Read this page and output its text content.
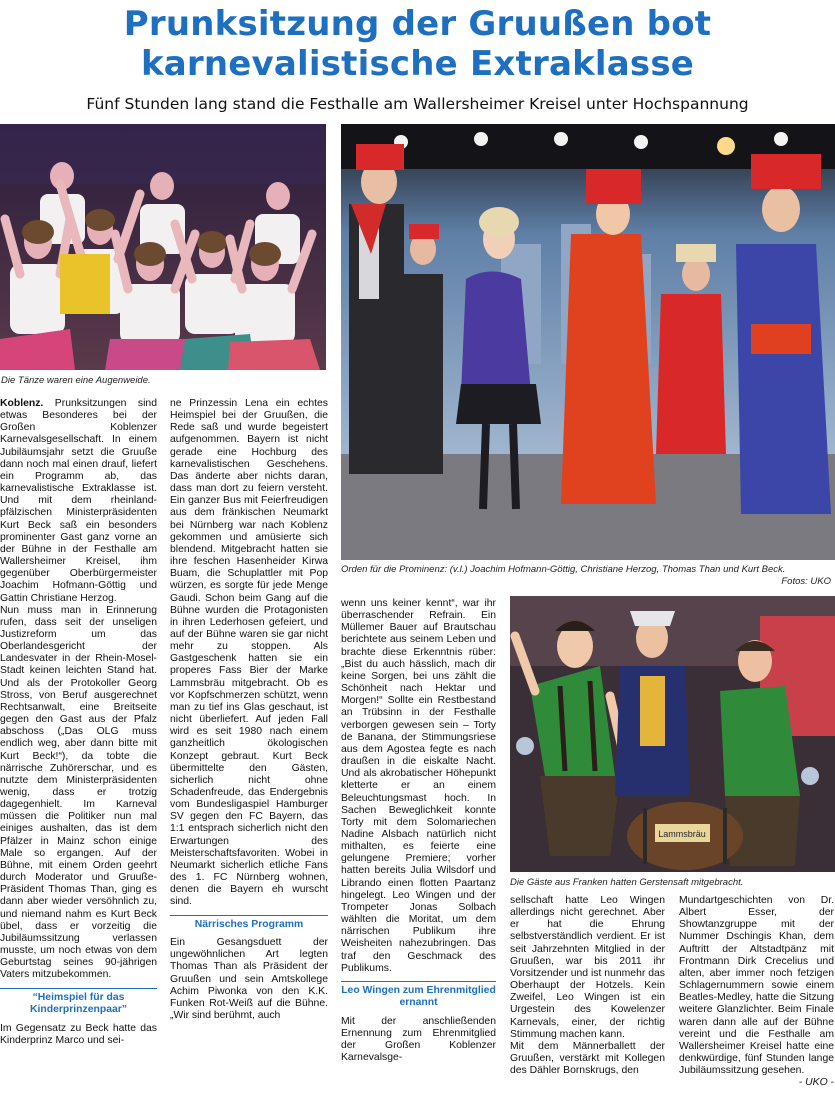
Prunksitzung der Gruußen bot
karnevalistische Extraklasse
Fünf Stunden lang stand die Festhalle am Wallersheimer Kreisel unter Hochspannung
Die Tänze waren eine Augenweide.
Orden für die Prominenz: (v.l.) Joachim Hofmann-Göttig, Christiane Herzog, Thomas Than und Kurt Beck.
Fotos: UKO
Lammsbräu
Die Gäste aus Franken hatten Gerstensaft mitgebracht.

Koblenz. Prunksitzungen sind etwas Besonderes bei der Großen Koblenzer Karnevalsgesellschaft. In einem Jubiläumsjahr setzt die Gruuße dann noch mal einen drauf, liefert ein Programm ab, das karnevalistische Extraklasse ist. Und mit dem rheinland-pfälzischen Ministerpräsidenten Kurt Beck saß ein besonders prominenter Gast ganz vorne an der Bühne in der Festhalle am Wallersheimer Kreisel, ihm gegenüber Oberbürgermeister Joachim Hofmann-Göttig und Gattin Christiane Herzog.

Nun muss man in Erinnerung rufen, dass seit der unseligen Justizreform um das Oberlandesgericht der Landesvater in der Rhein-Mosel-Stadt keinen leichten Stand hat. Und als der Protokoller Georg Stross, von Beruf ausgerechnet Rechtsanwalt, eine Breitseite gegen den Gast aus der Pfalz abschoss („Das OLG muss endlich weg, aber dann bitte mit Kurt Beck!“), da tobte die närrische Zuhörerschar, und es nutzte dem Ministerpräsidenten wenig, dass er trotzig dagegenhielt. Im Karneval müssen die Politiker nun mal einiges aushalten, das ist dem Pfälzer in Mainz schon einige Male so ergangen. Auf der Bühne, mit einem Orden geehrt durch Moderator und Gruuße-Präsident Thomas Than, ging es dann aber wieder versöhnlich zu, und niemand nahm es Kurt Beck übel, dass er vorzeitig die Jubiläumssitzung verlassen musste, um noch etwas von dem Geburtstag seines 90-jährigen Vaters mitzubekommen.

“Heimspiel für das Kinderprinzenpaar”

Im Gegensatz zu Beck hatte das Kinderprinz Marco und sei-

ne Prinzessin Lena ein echtes Heimspiel bei der Gruußen, die Rede saß und wurde begeistert aufgenommen. Bayern ist nicht gerade eine Hochburg des karnevalistischen Geschehens. Das änderte aber nichts daran, dass man dort zu feiern versteht. Ein ganzer Bus mit Feierfreudigen aus dem fränkischen Neumarkt bei Nürnberg war nach Koblenz gekommen und amüsierte sich blendend. Mitgebracht hatten sie ihre feschen Hasenheider Kirwa Buam, die Schuplattler mit Pop würzen, es sorgte für jede Menge Gaudi. Schon beim Gang auf die Bühne wurden die Protagonisten in ihren Lederhosen gefeiert, und auf der Bühne waren sie gar nicht mehr zu stoppen. Als Gastgeschenk hatten sie ein properes Fass Bier der Marke Lammsbräu mitgebracht. Ob es vor Kopfschmerzen schützt, wenn man zu tief ins Glas geschaut, ist nicht überliefert. Auf jeden Fall wird es seit 1980 nach einem ganzheitlich ökologischen Konzept gebraut. Kurt Beck übermittelte den Gästen, sicherlich nicht ohne Schadenfreude, das Endergebnis vom Bundesligaspiel Hamburger SV gegen den FC Bayern, das 1:1 entsprach sicherlich nicht den Erwartungen des Meisterschaftsfavoriten. Wobei in Neumarkt sicherlich etliche Fans des 1. FC Nürnberg wohnen, denen die Bayern eh wurscht sind.

Närrisches Programm

Ein Gesangsduett der ungewöhnlichen Art legten Thomas Than als Präsident der Gruußen und sein Amtskollege Achim Piwonka von den K.K. Funken Rot-Weiß auf die Bühne. „Wir sind berühmt, auch

wenn uns keiner kennt“, war ihr überraschender Refrain. Ein Müllemer Bauer auf Brautschau berichtete aus seinem Leben und brachte diese Erkenntnis rüber: „Bist du auch hässlich, mach dir keine Sorgen, bei uns zählt die Schönheit nach Hektar und Morgen!“ Sollte ein Restbestand an Trübsinn in der Festhalle verborgen gewesen sein – Torty de Banana, der Stimmungsriese aus dem Agostea fegte es nach draußen in die eiskalte Nacht. Und als akrobatischer Höhepunkt kletterte er an einem Beleuchtungsmast hoch. In Sachen Beweglichkeit konnte Torty mit dem Solomariechen Nadine Alsbach natürlich nicht mithalten, es feierte eine gelungene Premiere; vorher hatten bereits Julia Wilsdorf und Librando einen flotten Paartanz hingelegt. Leo Wingen und der Trompeter Jonas Solbach wählten die Moritat, um dem närrischen Publikum ihre Weisheiten nahezubringen. Das traf den Geschmack des Publikums.

Leo Wingen zum Ehrenmitglied ernannt

Mit der anschließenden Ernennung zum Ehrenmitglied der Großen Koblenzer Karnevalsge-

sellschaft hatte Leo Wingen allerdings nicht gerechnet. Aber er hat die Ehrung selbstverständlich verdient. Er ist seit Jahrzehnten Mitglied in der Gruußen, war bis 2011 ihr Vorsitzender und ist nunmehr das Oberhaupt der Hotzels. Kein Zweifel, Leo Wingen ist ein Urgestein des Kowelenzer Karnevals, einer, der richtig Stimmung machen kann.

Mit dem Männerballett der Gruußen, verstärkt mit Kollegen des Dähler Bornskrugs, den

Mundartgeschichten von Dr. Albert Esser, der Showtanzgruppe mit der Nummer Dschingis Khan, dem Auftritt der Altstadtpänz mit Frontmann Dirk Crecelius und alten, aber immer noch fetzigen Schlagernummern sowie einem Beatles-Medley, hatte die Sitzung weitere Glanzlichter. Beim Finale waren dann alle auf der Bühne vereint und die Festhalle am Wallersheimer Kreisel hatte eine denkwürdige, fünf Stunden lange Jubiläumssitzung gesehen.
- UKO -
